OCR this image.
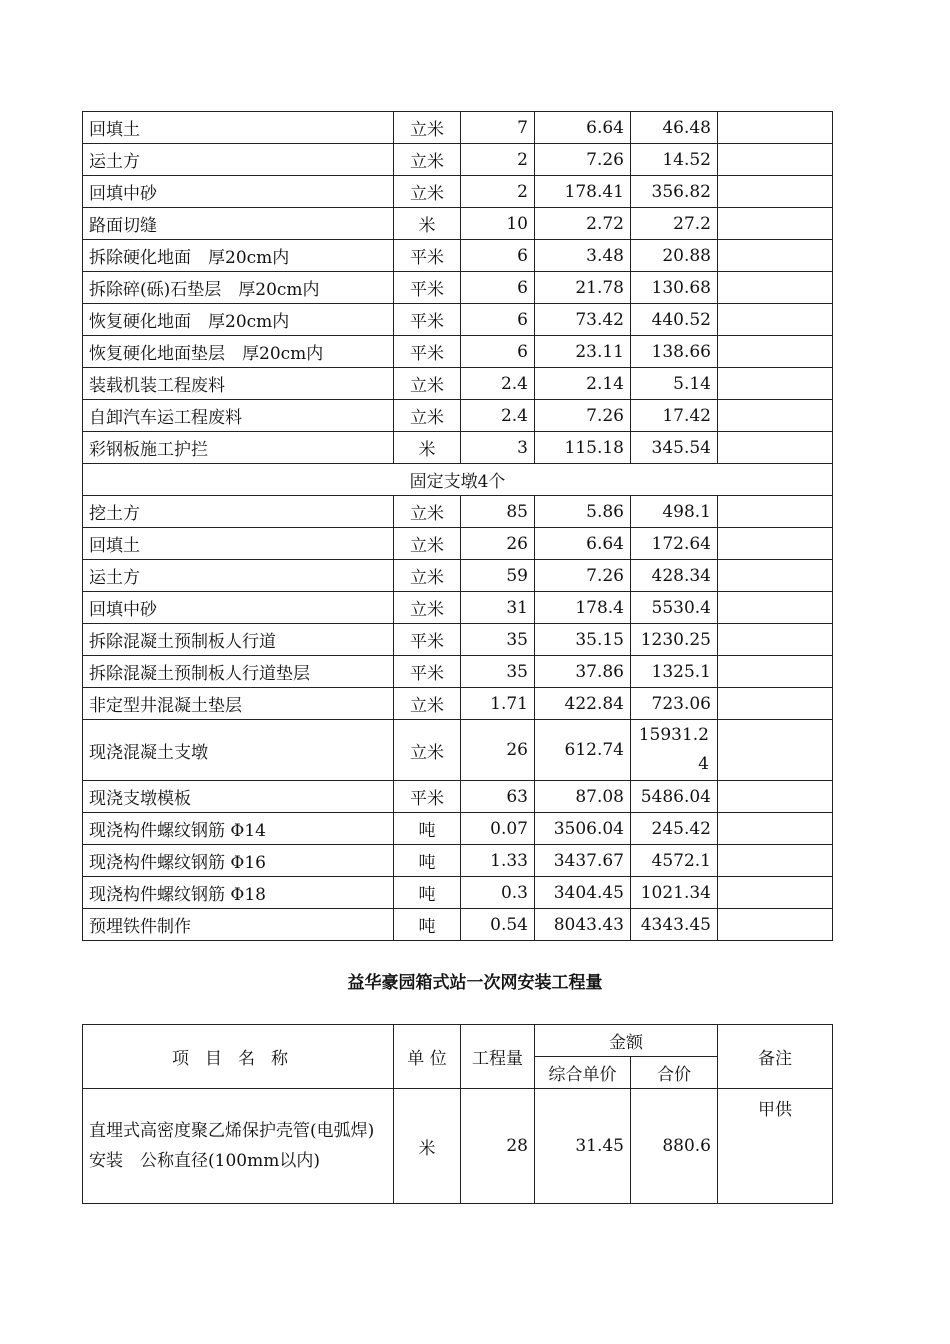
回填土	立米	7	6.64	46.48	
运土方	立米	2	7.26	14.52	
回填中砂	立米	2	178.41	356.82	
路面切缝	米	10	2.72	27.2	
拆除硬化地面　厚20cm内	平米	6	3.48	20.88	
拆除碎(砾)石垫层　厚20cm内	平米	6	21.78	130.68	
恢复硬化地面　厚20cm内	平米	6	73.42	440.52	
恢复硬化地面垫层　厚20cm内	平米	6	23.11	138.66	
装载机装工程废料	立米	2.4	2.14	5.14	
自卸汽车运工程废料	立米	2.4	7.26	17.42	
彩钢板施工护拦	米	3	115.18	345.54	
固定支墩4个					
挖土方	立米	85	5.86	498.1	
回填土	立米	26	6.64	172.64	
运土方	立米	59	7.26	428.34	
回填中砂	立米	31	178.4	5530.4	
拆除混凝土预制板人行道	平米	35	35.15	1230.25	
拆除混凝土预制板人行道垫层	平米	35	37.86	1325.1	
非定型井混凝土垫层	立米	1.71	422.84	723.06	
现浇混凝土支墩	立米	26	612.74	15931.24	
现浇支墩模板	平米	63	87.08	5486.04	
现浇构件螺纹钢筋 Φ14	吨	0.07	3506.04	245.42	
现浇构件螺纹钢筋 Φ16	吨	1.33	3437.67	4572.1	
现浇构件螺纹钢筋 Φ18	吨	0.3	3404.45	1021.34	
预埋铁件制作	吨	0.54	8043.43	4343.45	
益华豪园箱式站一次网安装工程量
项目名称	单 位	工程量	金额		备注
			综合单价	合价	
直埋式高密度聚乙烯保护壳管(电弧焊)安装　公称直径(100mm以内)	米	28	31.45	880.6	甲供
